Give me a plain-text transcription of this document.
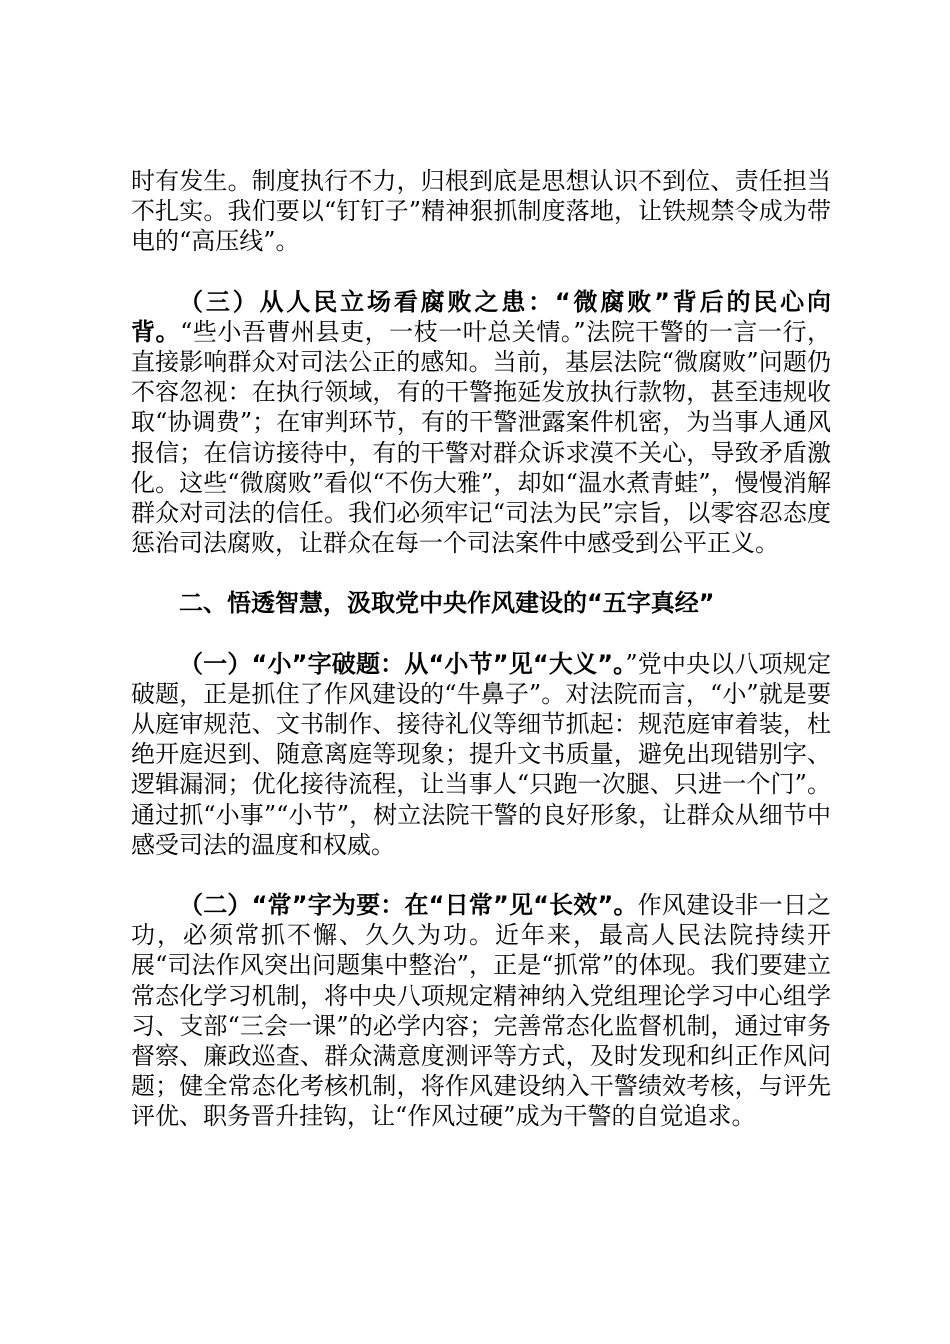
时有发生。制度执行不力，归根到底是思想认识不到位、责任担当不扎实。我们要以“钉钉子”精神狠抓制度落地，让铁规禁令成为带电的“高压线”。

（三）从人民立场看腐败之患：“微腐败”背后的民心向背。“些小吾曹州县吏，一枝一叶总关情。”法院干警的一言一行，直接影响群众对司法公正的感知。当前，基层法院“微腐败”问题仍不容忽视：在执行领域，有的干警拖延发放执行款物，甚至违规收取“协调费”；在审判环节，有的干警泄露案件机密，为当事人通风报信；在信访接待中，有的干警对群众诉求漠不关心，导致矛盾激化。这些“微腐败”看似“不伤大雅”，却如“温水煮青蛙”，慢慢消解群众对司法的信任。我们必须牢记“司法为民”宗旨，以零容忍态度惩治司法腐败，让群众在每一个司法案件中感受到公平正义。

二、悟透智慧，汲取党中央作风建设的“五字真经”

（一）“小”字破题：从“小节”见“大义”。”党中央以八项规定破题，正是抓住了作风建设的“牛鼻子”。对法院而言，“小”就是要从庭审规范、文书制作、接待礼仪等细节抓起：规范庭审着装，杜绝开庭迟到、随意离庭等现象；提升文书质量，避免出现错别字、逻辑漏洞；优化接待流程，让当事人“只跑一次腿、只进一个门”。通过抓“小事”“小节”，树立法院干警的良好形象，让群众从细节中感受司法的温度和权威。

（二）“常”字为要：在“日常”见“长效”。作风建设非一日之功，必须常抓不懈、久久为功。近年来，最高人民法院持续开展“司法作风突出问题集中整治”，正是“抓常”的体现。我们要建立常态化学习机制，将中央八项规定精神纳入党组理论学习中心组学习、支部“三会一课”的必学内容；完善常态化监督机制，通过审务督察、廉政巡查、群众满意度测评等方式，及时发现和纠正作风问题；健全常态化考核机制，将作风建设纳入干警绩效考核，与评先评优、职务晋升挂钩，让“作风过硬”成为干警的自觉追求。
